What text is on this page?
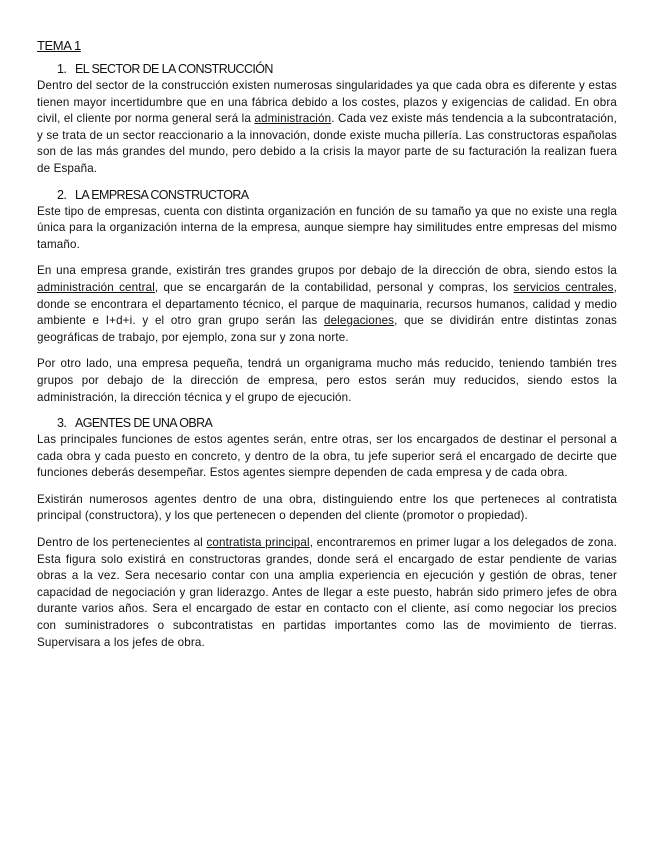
TEMA 1
1. EL SECTOR DE LA CONSTRUCCIÓN

Dentro del sector de la construcción existen numerosas singularidades ya que cada obra es diferente y estas tienen mayor incertidumbre que en una fábrica debido a los costes, plazos y exigencias de calidad. En obra civil, el cliente por norma general será la administración. Cada vez existe más tendencia a la subcontratación, y se trata de un sector reaccionario a la innovación, donde existe mucha pillería. Las constructoras españolas son de las más grandes del mundo, pero debido a la crisis la mayor parte de su facturación la realizan fuera de España.

2. LA EMPRESA CONSTRUCTORA

Este tipo de empresas, cuenta con distinta organización en función de su tamaño ya que no existe una regla única para la organización interna de la empresa, aunque siempre hay similitudes entre empresas del mismo tamaño.

En una empresa grande, existirán tres grandes grupos por debajo de la dirección de obra, siendo estos la administración central, que se encargarán de la contabilidad, personal y compras, los servicios centrales, donde se encontrara el departamento técnico, el parque de maquinaria, recursos humanos, calidad y medio ambiente e I+d+i. y el otro gran grupo serán las delegaciones, que se dividirán entre distintas zonas geográficas de trabajo, por ejemplo, zona sur y zona norte.

Por otro lado, una empresa pequeña, tendrá un organigrama mucho más reducido, teniendo también tres grupos por debajo de la dirección de empresa, pero estos serán muy reducidos, siendo estos la administración, la dirección técnica y el grupo de ejecución.

3. AGENTES DE UNA OBRA

Las principales funciones de estos agentes serán, entre otras, ser los encargados de destinar el personal a cada obra y cada puesto en concreto, y dentro de la obra, tu jefe superior será el encargado de decirte que funciones deberás desempeñar. Estos agentes siempre dependen de cada empresa y de cada obra.

Existirán numerosos agentes dentro de una obra, distinguiendo entre los que perteneces al contratista principal (constructora), y los que pertenecen o dependen del cliente (promotor o propiedad).

Dentro de los pertenecientes al contratista principal, encontraremos en primer lugar a los delegados de zona. Esta figura solo existirá en constructoras grandes, donde será el encargado de estar pendiente de varias obras a la vez. Sera necesario contar con una amplia experiencia en ejecución y gestión de obras, tener capacidad de negociación y gran liderazgo. Antes de llegar a este puesto, habrán sido primero jefes de obra durante varios años. Sera el encargado de estar en contacto con el cliente, así como negociar los precios con suministradores o subcontratistas en partidas importantes como las de movimiento de tierras. Supervisara a los jefes de obra.
